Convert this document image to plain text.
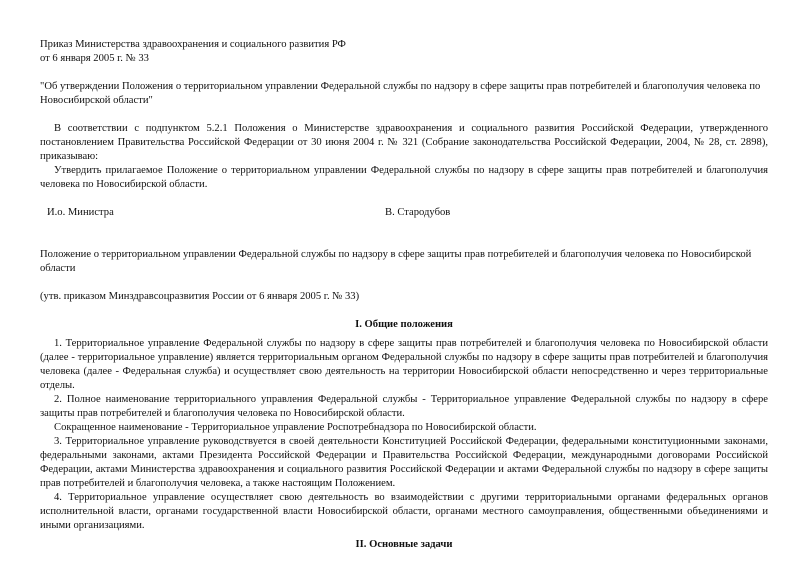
Приказ Министерства здравоохранения и социального развития РФ
от 6 января 2005 г. № 33

"Об утверждении Положения о территориальном управлении Федеральной службы по надзору в сфере защиты прав потребителей и благополучия человека по Новосибирской области"

В соответствии с подпунктом 5.2.1 Положения о Министерстве здравоохранения и социального развития Российской Федерации, утвержденного постановлением Правительства Российской Федерации от 30 июня 2004 г. № 321 (Собрание законодательства Российской Федерации, 2004, № 28, ст. 2898), приказываю:

Утвердить прилагаемое Положение о территориальном управлении Федеральной службы по надзору в сфере защиты прав потребителей и благополучия человека по Новосибирской области.

И.о. Министра	В. Стародубов

Положение о территориальном управлении Федеральной службы по надзору в сфере защиты прав потребителей и благополучия человека по Новосибирской области

(утв. приказом Минздравсоцразвития России от 6 января 2005 г. № 33)

I. Общие положения

1. Территориальное управление Федеральной службы по надзору в сфере защиты прав потребителей и благополучия человека по Новосибирской области (далее - территориальное управление) является территориальным органом Федеральной службы по надзору в сфере защиты прав потребителей и благополучия человека (далее - Федеральная служба) и осуществляет свою деятельность на территории Новосибирской области непосредственно и через территориальные отделы.

2. Полное наименование территориального управления Федеральной службы - Территориальное управление Федеральной службы по надзору в сфере защиты прав потребителей и благополучия человека по Новосибирской области.

Сокращенное наименование - Территориальное управление Роспотребнадзора по Новосибирской области.

3. Территориальное управление руководствуется в своей деятельности Конституцией Российской Федерации, федеральными конституционными законами, федеральными законами, актами Президента Российской Федерации и Правительства Российской Федерации, международными договорами Российской Федерации, актами Министерства здравоохранения и социального развития Российской Федерации и актами Федеральной службы по надзору в сфере защиты прав потребителей и благополучия человека, а также настоящим Положением.

4. Территориальное управление осуществляет свою деятельность во взаимодействии с другими территориальными органами федеральных органов исполнительной власти, органами государственной власти Новосибирской области, органами местного самоуправления, общественными объединениями и иными организациями.

II. Основные задачи
